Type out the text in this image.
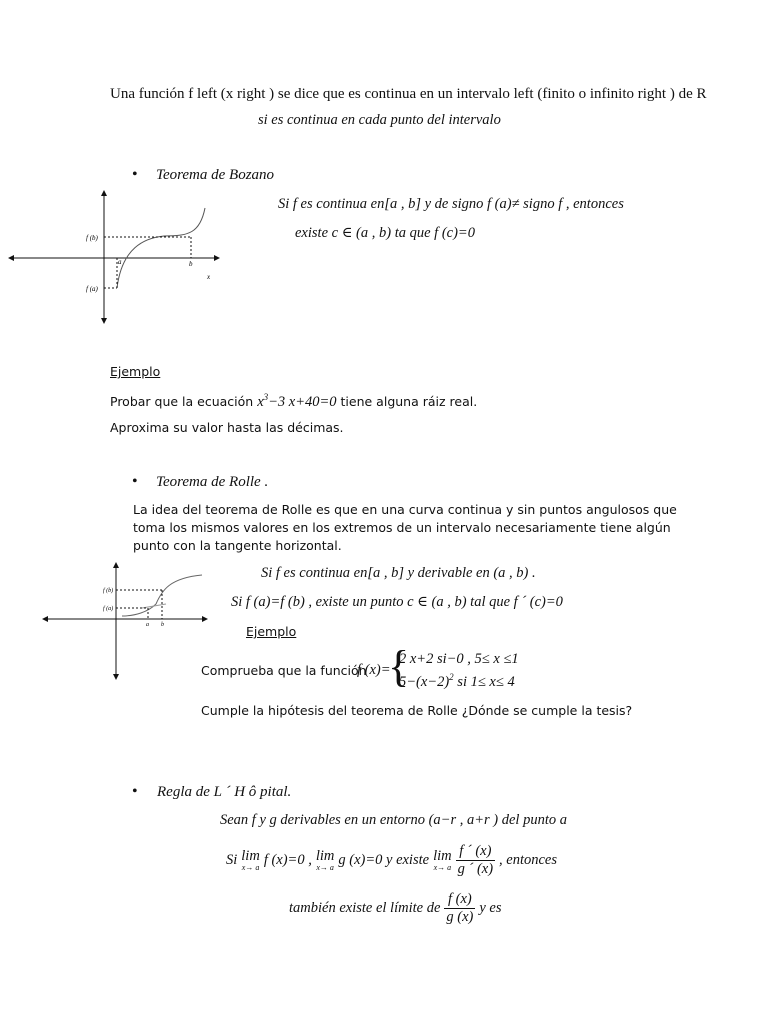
Una función f left (x right ) se dice que es continua en un intervalo left (finito o infinito right ) de R
si es continua en cada punto del intervalo
• Teorema de Bozano
Si f es continua en[a , b] y de signo f (a)≠ signo f , entonces
existe c ∈ (a , b) ta que f (c)=0
f (b)
f (a)
a	b
x
Ejemplo
Probar que la ecuación $x^3-3$ x+40=0 tiene alguna ráiz real.
Aproxima su valor hasta las décimas.
• Teorema de Rolle .
La idea del teorema de Rolle es que en una curva continua y sin puntos angulosos que
toma los mismos valores en los extremos de un intervalo necesariamente tiene algún
punto con la tangente horizontal.
Si f es continua en[a , b] y derivable en (a , b) .
Si f (a)=f (b) , existe un punto c ∈ (a , b) tal que f ´ (c)=0
f (b)
f (a)
a b	Ejemplo
Comprueba que la función
f (x)=
{
2 x+2 si−0 , 5≤ x ≤1
$5-(x-2)^2$ si 1≤ x≤ 4
Cumple la hipótesis del teorema de Rolle ¿Dónde se cumple la tesis?
• Regla de L ´ H ô pital.
Sean f y g derivables en un entorno (a−r , a+r ) del punto a
Si lim
x→ a f (x)=0 , lim
x→ a g (x)=0 y existe lim
x→ a $\frac{f ´ (x)}{g ´ (x)}$ , entonces
también existe el límite de $\frac{f (x)}{g (x)}$ y es
